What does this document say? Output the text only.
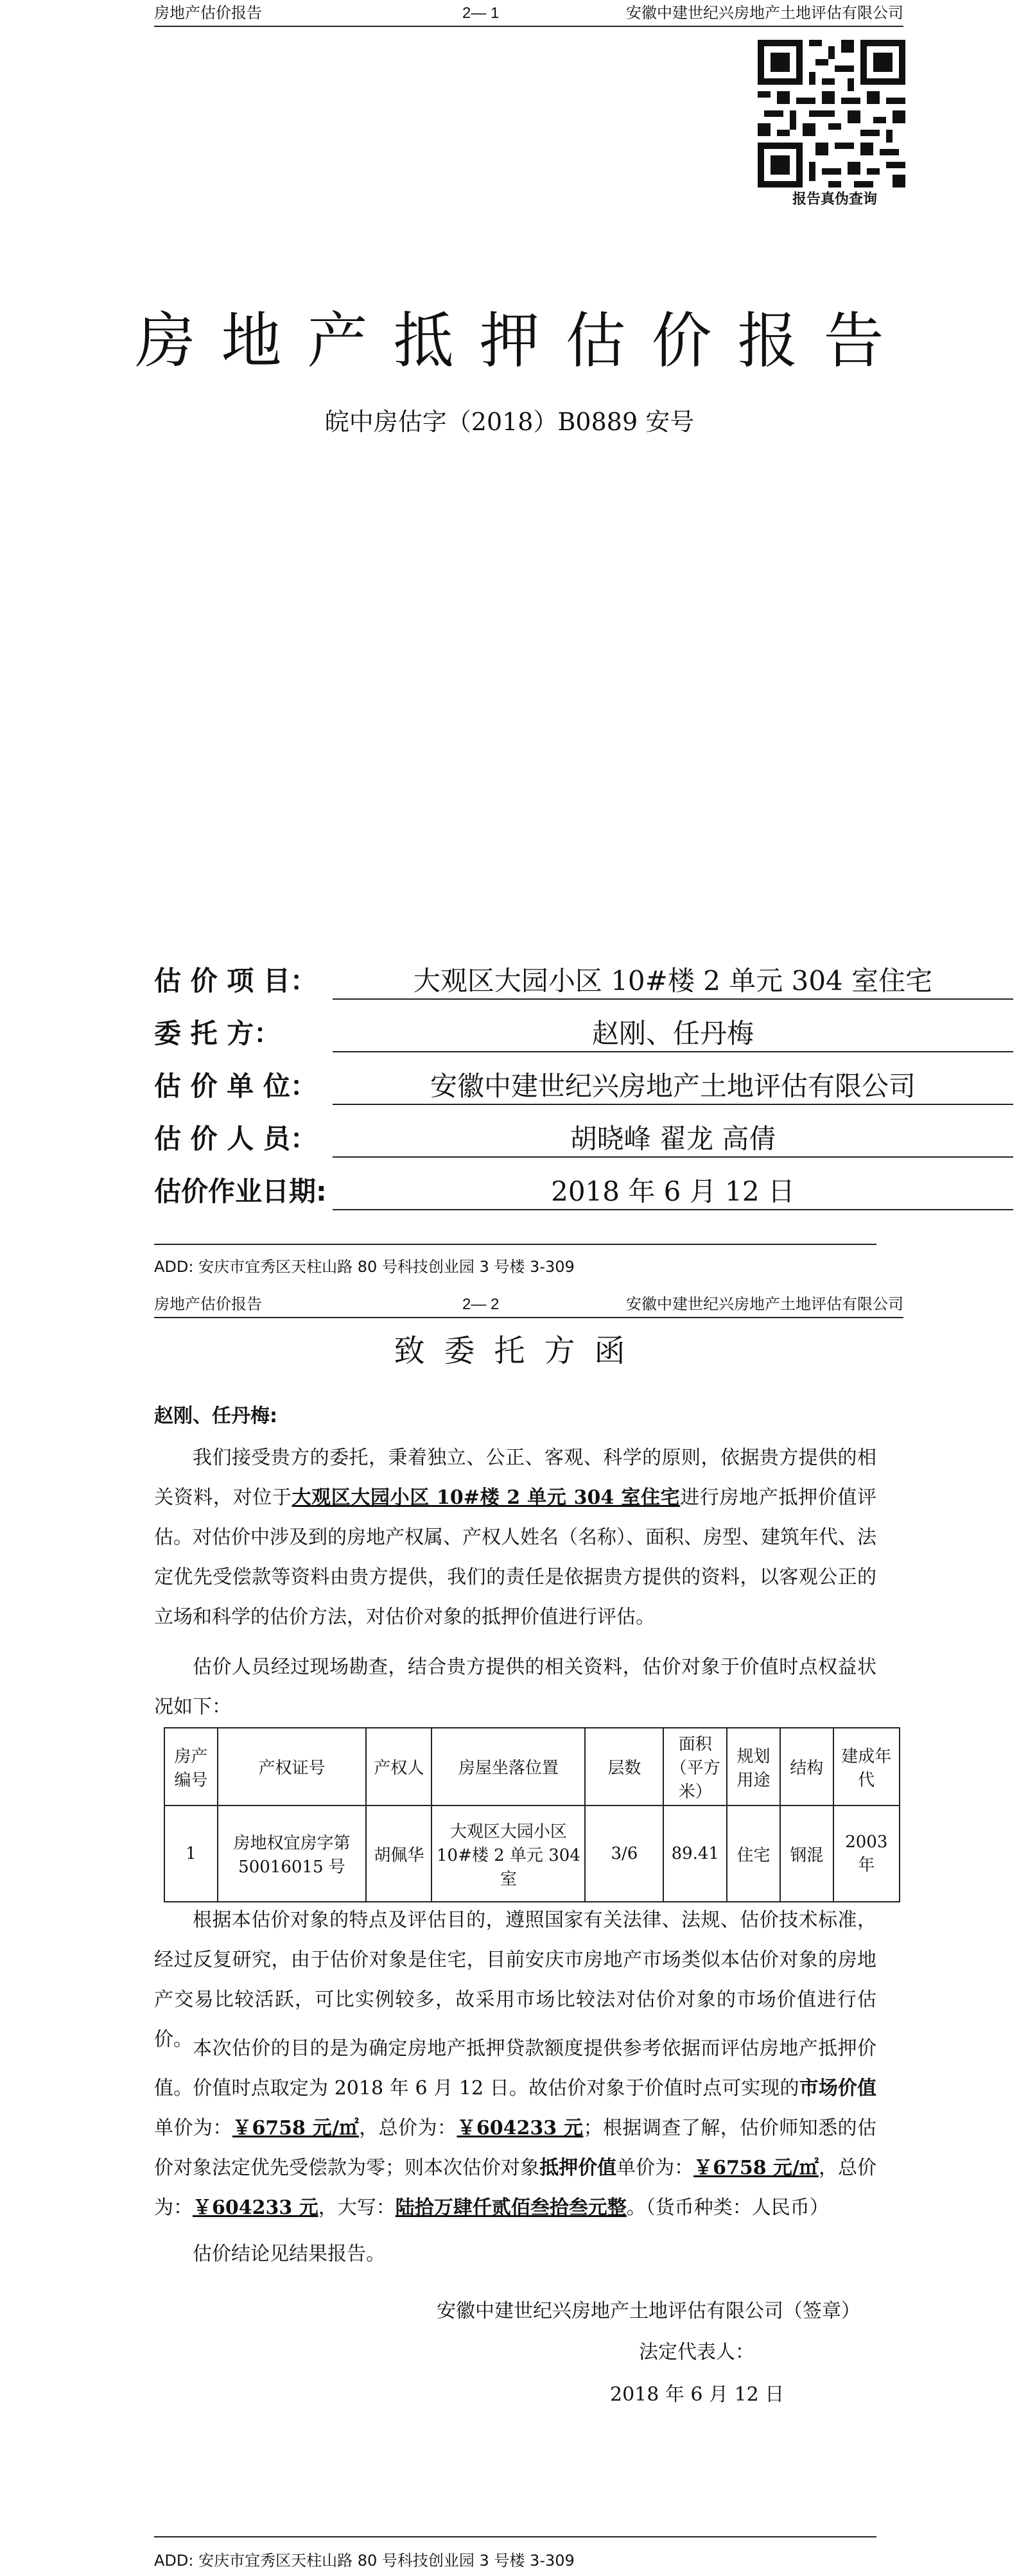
房地产估价报告	2— 1	安徽中建世纪兴房地产土地评估有限公司
报告真伪查询
房地产抵押估价报告
皖中房估字（2018）B0889 安号
估 价 项 目：	大观区大园小区 10#楼 2 单元 304 室住宅
委 托 方：	赵刚、任丹梅
估 价 单 位：	安徽中建世纪兴房地产土地评估有限公司
估 价 人 员：	胡晓峰 翟龙 高倩
估价作业日期:	2018 年 6 月 12 日
ADD: 安庆市宜秀区天柱山路 80 号科技创业园 3 号楼 3-309
房地产估价报告	2— 2	安徽中建世纪兴房地产土地评估有限公司
致委托方函
赵刚、任丹梅:

我们接受贵方的委托，秉着独立、公正、客观、科学的原则，依据贵方提供的相关资料，对位于大观区大园小区 10#楼 2 单元 304 室住宅进行房地产抵押价值评估。对估价中涉及到的房地产权属、产权人姓名（名称）、面积、房型、建筑年代、法定优先受偿款等资料由贵方提供，我们的责任是依据贵方提供的资料，以客观公正的立场和科学的估价方法，对估价对象的抵押价值进行评估。

估价人员经过现场勘查，结合贵方提供的相关资料，估价对象于价值时点权益状况如下：

房产编号	产权证号	产权人	房屋坐落位置	层数	面积（平方米）	规划用途	结构	建成年代
1	房地权宜房字第 50016015 号	胡佩华	大观区大园小区10#楼 2 单元 304 室	3/6	89.41	住宅	钢混	2003 年

根据本估价对象的特点及评估目的，遵照国家有关法律、法规、估价技术标准，经过反复研究，由于估价对象是住宅，目前安庆市房地产市场类似本估价对象的房地产交易比较活跃，可比实例较多，故采用市场比较法对估价对象的市场价值进行估价。 本次估价的目的是为确定房地产抵押贷款额度提供参考依据而评估房地产抵押价值。价值时点取定为 2018 年 6 月 12 日。故估价对象于价值时点可实现的市场价值单价为：￥6758 元/㎡，总价为：￥604233 元；根据调查了解，估价师知悉的估价对象法定优先受偿款为零；则本次估价对象抵押价值单价为：￥6758 元/㎡，总价为：￥604233 元，大写：陆拾万肆仟贰佰叁拾叁元整。（货币种类：人民币）

估价结论见结果报告。

安徽中建世纪兴房地产土地评估有限公司（签章）
法定代表人：
2018 年 6 月 12 日
ADD: 安庆市宜秀区天柱山路 80 号科技创业园 3 号楼 3-309
